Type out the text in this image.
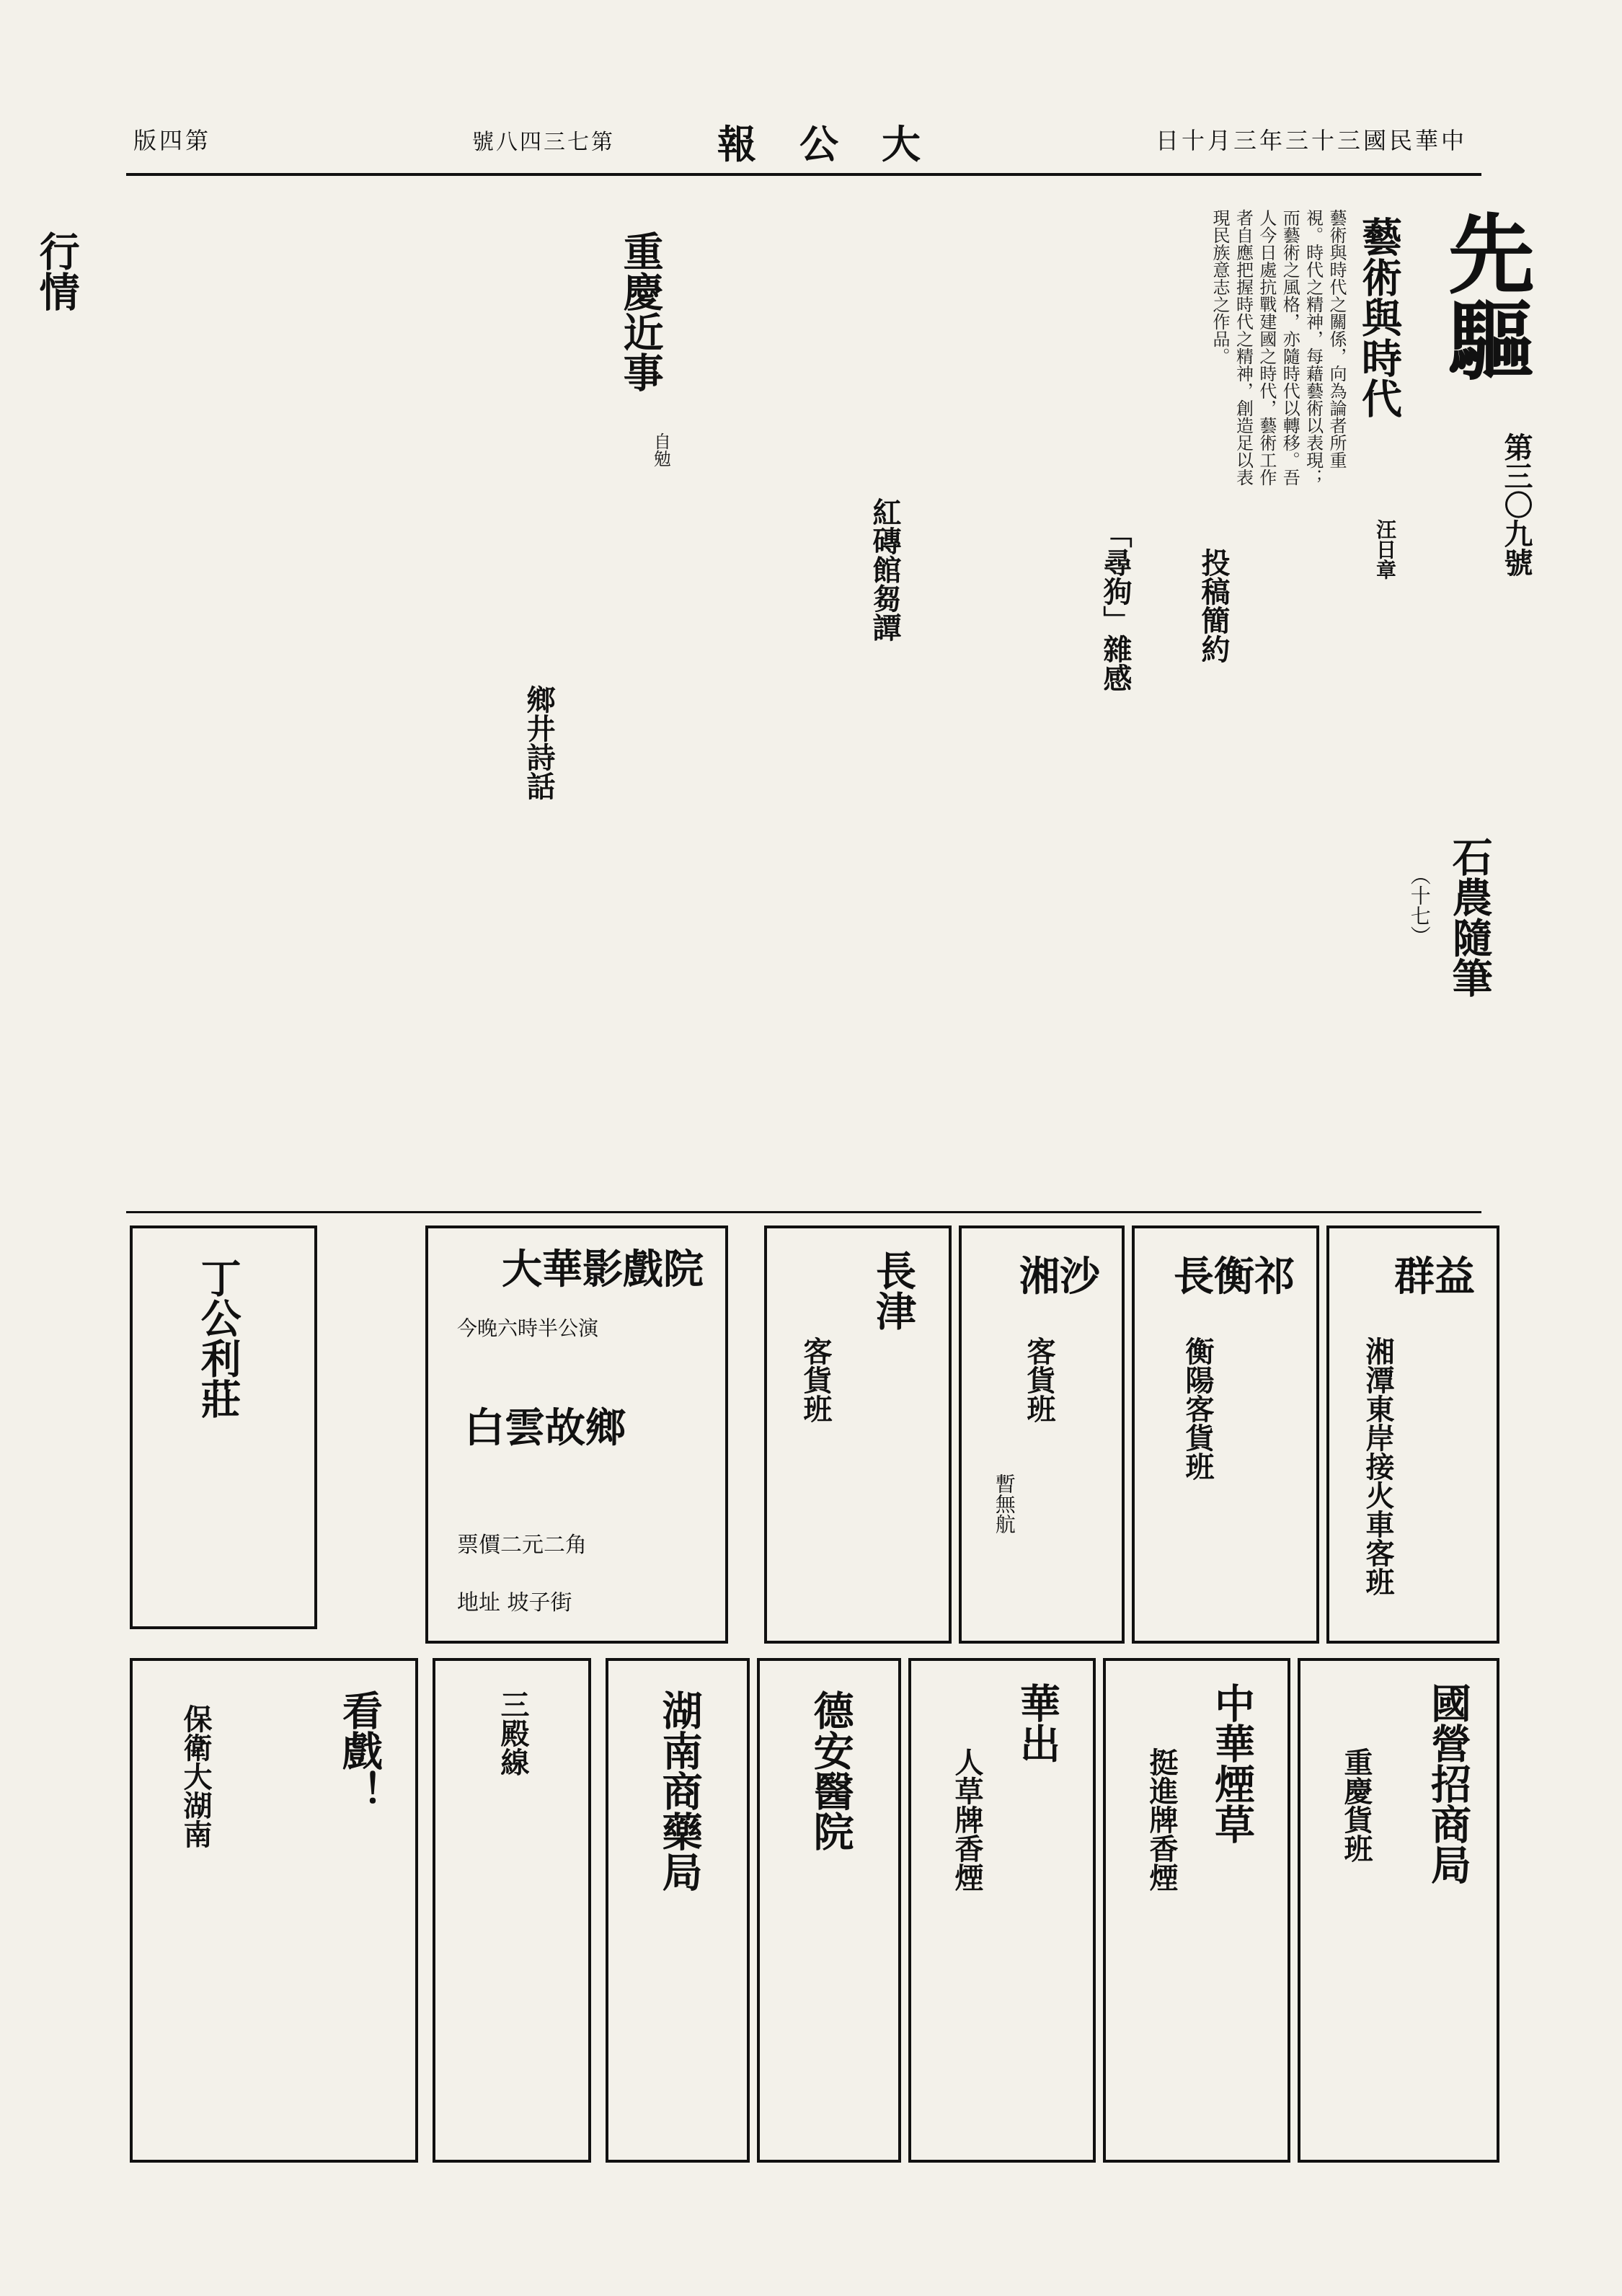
版四第	號八四三七第	報公大	日十月三年三十三國民華中
行情	先驅
第三〇九號
藝術與時代
汪日章
投稿簡約
藝術與時代之關係，向為論者所重視。時代之精神，每藉藝術以表現；而藝術之風格，亦隨時代以轉移。吾人今日處抗戰建國之時代，藝術工作者自應把握時代之精神，創造足以表現民族意志之作品。
重慶近事
自勉
紅磚館芻譚	「尋狗」雜感
鄉井詩話
石農隨筆
（十七）
丁公利莊	大華影戲院
今晚六時半公演
白雲故鄉
票價二元二角
地址 坡子街
長津
客貨班
湘沙
客貨班
暫無航
長衡祁
衡陽客貨班
群益
湘潭東岸接火車客班
看戲！
保衛大湖南	三殿線	湖南商藥局	德安醫院	華出
人草牌香煙	中華煙草
挺進牌香煙	國營招商局
重慶貨班
